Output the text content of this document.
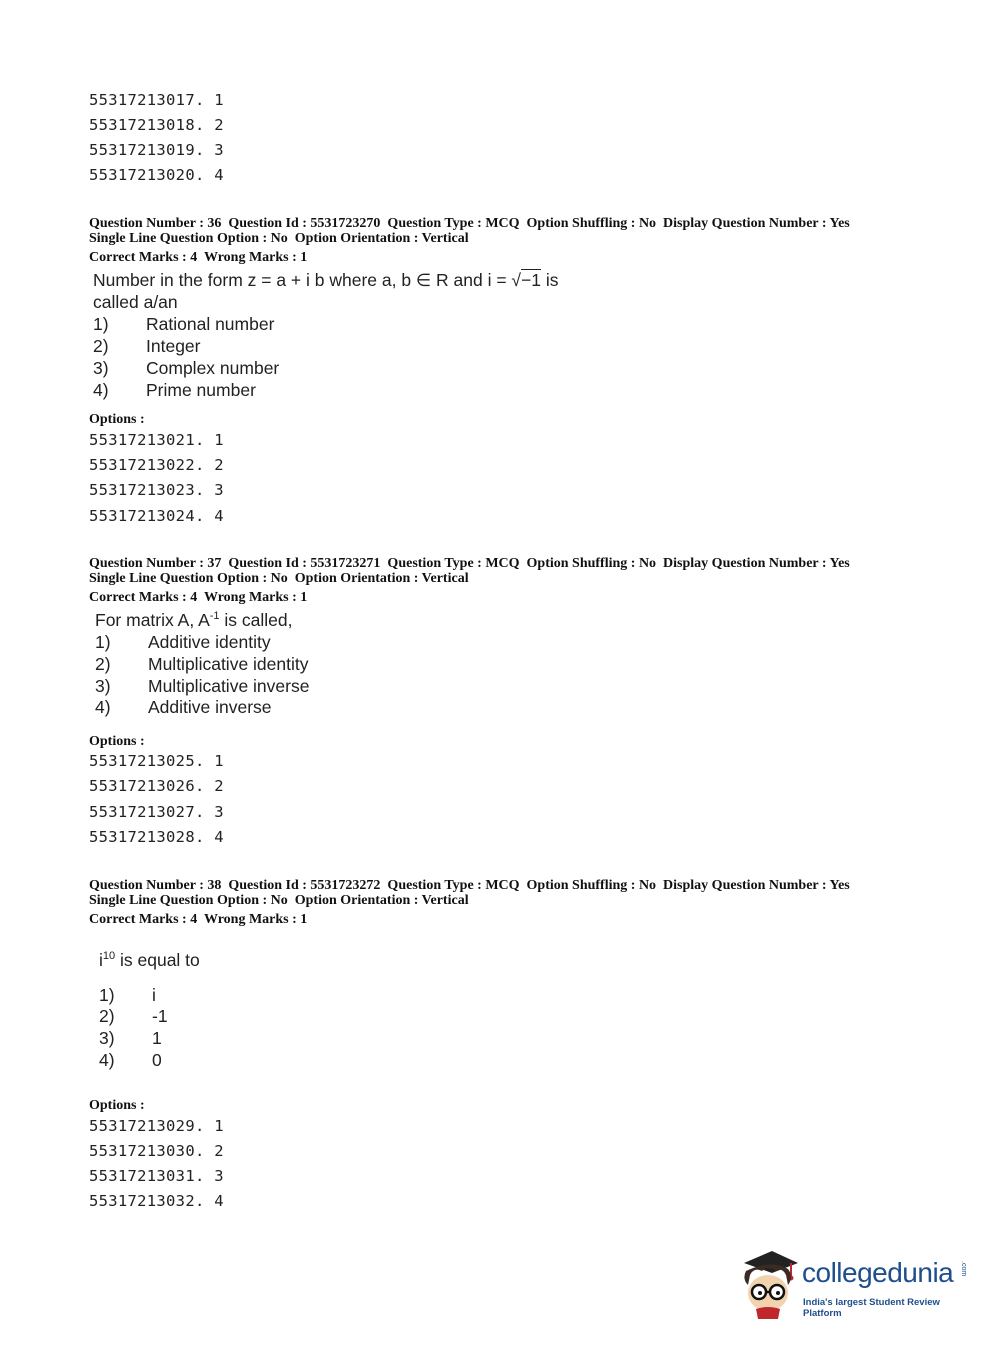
55317213017. 1
55317213018. 2
55317213019. 3
55317213020. 4
Question Number : 36  Question Id : 5531723270  Question Type : MCQ  Option Shuffling : No  Display Question Number : Yes
Single Line Question Option : No  Option Orientation : Vertical
Correct Marks : 4  Wrong Marks : 1
Number in the form z = a + i b where a, b ∈ R and i = √−1 is
called a/an
1) Rational number
2) Integer
3) Complex number
4) Prime number
Options :
55317213021. 1
55317213022. 2
55317213023. 3
55317213024. 4
Question Number : 37  Question Id : 5531723271  Question Type : MCQ  Option Shuffling : No  Display Question Number : Yes
Single Line Question Option : No  Option Orientation : Vertical
Correct Marks : 4  Wrong Marks : 1
For matrix A, $A^{-1}$ is called,
1) Additive identity
2) Multiplicative identity
3) Multiplicative inverse
4) Additive inverse
Options :
55317213025. 1
55317213026. 2
55317213027. 3
55317213028. 4
Question Number : 38  Question Id : 5531723272  Question Type : MCQ  Option Shuffling : No  Display Question Number : Yes
Single Line Question Option : No  Option Orientation : Vertical
Correct Marks : 4  Wrong Marks : 1
$i^{10}$ is equal to
1) i
2) -1
3) 1
4) 0
Options :
55317213029. 1
55317213030. 2
55317213031. 3
55317213032. 4
collegedunia .com
India's largest Student Review Platform
